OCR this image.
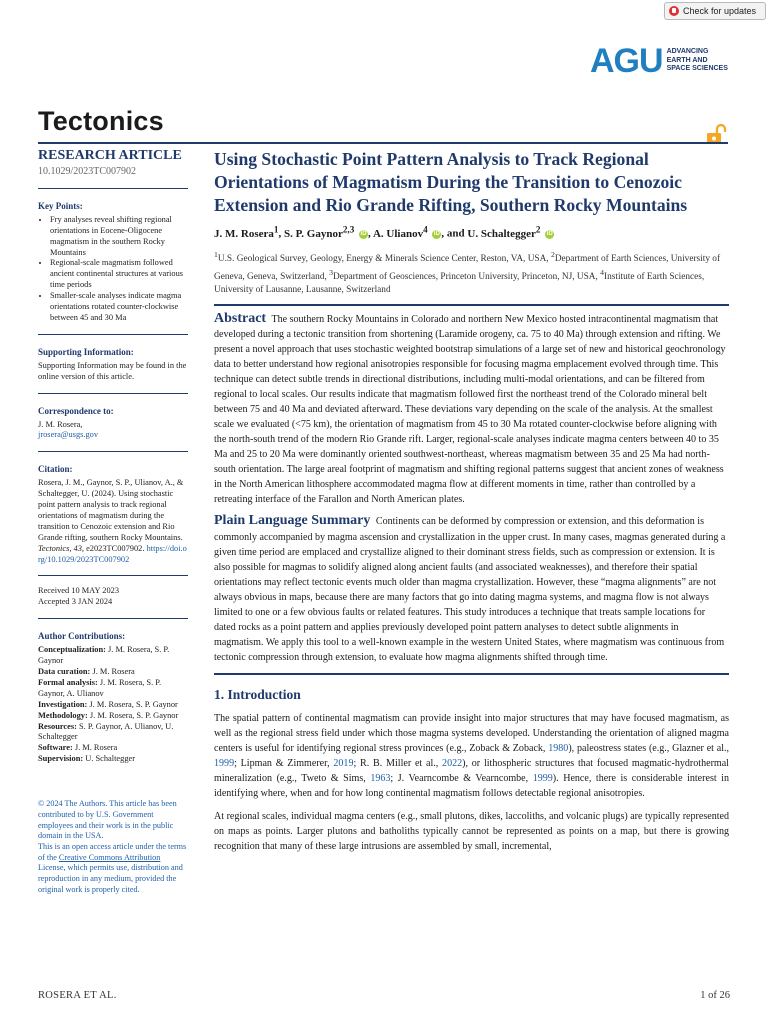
Check for updates
AGU ADVANCING
EARTH AND
SPACE SCIENCES
Tectonics
RESEARCH ARTICLE
10.1029/2023TC007902
Key Points:
• Fry analyses reveal shifting regional orientations in Eocene-Oligocene magmatism in the southern Rocky Mountains
• Regional-scale magmatism followed ancient continental structures at various time periods
• Smaller-scale analyses indicate magma orientations rotated counter-clockwise between 45 and 30 Ma
Supporting Information:

Supporting Information may be found in the online version of this article.

Correspondence to:

J. M. Rosera,

jrosera@usgs.gov

Citation:

Rosera, J. M., Gaynor, S. P., Ulianov, A., & Schaltegger, U. (2024). Using stochastic point pattern analysis to track regional orientations of magmatism during the transition to Cenozoic extension and Rio Grande rifting, southern Rocky Mountains. Tectonics, 43, e2023TC007902. https://doi.org/10.1029/2023TC007902

Received 10 MAY 2023

Accepted 3 JAN 2024

Author Contributions:

Conceptualization: J. M. Rosera, S. P. Gaynor

Data curation: J. M. Rosera

Formal analysis: J. M. Rosera, S. P. Gaynor, A. Ulianov

Investigation: J. M. Rosera, S. P. Gaynor

Methodology: J. M. Rosera, S. P. Gaynor

Resources: S. P. Gaynor, A. Ulianov, U. Schaltegger

Software: J. M. Rosera

Supervision: U. Schaltegger

© 2024 The Authors. This article has been contributed to by U.S. Government employees and their work is in the public domain in the USA.

This is an open access article under the terms of the Creative Commons Attribution License, which permits use, distribution and reproduction in any medium, provided the original work is properly cited.

Using Stochastic Point Pattern Analysis to Track Regional Orientations of Magmatism During the Transition to Cenozoic Extension and Rio Grande Rifting, Southern Rocky Mountains
J. M. Rosera$^1$, S. P. Gaynor$^{2,3}$ iD , A. Ulianov$^4$ iD , and U. Schaltegger$^2$ iD
$^1$U.S. Geological Survey, Geology, Energy & Minerals Science Center, Reston, VA, USA, $^2$Department of Earth Sciences, University of Geneva, Geneva, Switzerland, $^3$Department of Geosciences, Princeton University, Princeton, NJ, USA, $^4$Institute of Earth Sciences, University of Lausanne, Lausanne, Switzerland
Abstract The southern Rocky Mountains in Colorado and northern New Mexico hosted intracontinental magmatism that developed during a tectonic transition from shortening (Laramide orogeny, ca. 75 to 40 Ma) through extension and rifting. We present a novel approach that uses stochastic weighted bootstrap simulations of a large set of new and historical geochronology data to better understand how regional anisotropies responsible for focusing magma emplacement evolved through time. This technique can detect subtle trends in directional distributions, including multi-modal orientations, and can be filtered from regional to local scales. Our results indicate that magmatism followed first the northeast trend of the Colorado mineral belt between 75 and 40 Ma and deviated afterward. These deviations vary depending on the scale of the analysis. At the smallest scale we evaluated (<75 km), the orientation of magmatism from 45 to 30 Ma rotated counter-clockwise before aligning with the north-south trend of the modern Rio Grande rift. Larger, regional-scale analyses indicate magma centers between 40 to 35 Ma and 25 to 20 Ma were dominantly oriented southwest-northeast, whereas magmatism between 35 and 25 Ma had north-south orientation. The large areal footprint of magmatism and shifting regional patterns suggest that ancient zones of weakness in the North American lithosphere accommodated magma flow at different moments in time, rather than controlled by a retreating interface of the Farallon and North American plates.
Plain Language Summary Continents can be deformed by compression or extension, and this deformation is commonly accompanied by magma ascension and crystallization in the upper crust. In many cases, magmas generated during a given time period are emplaced and crystallize aligned to their dominant stress fields, such as compression or extension. It is also possible for magmas to solidify aligned along ancient faults (and associated weaknesses), and therefore their spatial orientations may reflect tectonic events much older than magma crystallization. However, these “magma alignments” are not always obvious in maps, because there are many factors that go into dating magma systems, and magma flow is not always limited to one or a few obvious faults or related features. This study introduces a technique that treats sample locations for dated rocks as a point pattern and applies previously developed point pattern analyses to detect subtle alignments in magmatism. We apply this tool to a well-known example in the western United States, where magmatism was continuous from tectonic compression through extension, to evaluate how magma alignments shifted through time.
1. Introduction

The spatial pattern of continental magmatism can provide insight into major structures that may have focused magmatism, as well as the regional stress field under which those magma systems developed. Understanding the orientation of aligned magma centers is useful for identifying regional stress provinces (e.g., Zoback & Zoback, 1980), paleostress states (e.g., Glazner et al., 1999; Lipman & Zimmerer, 2019; R. B. Miller et al., 2022), or lithospheric structures that focused magmatic-hydrothermal mineralization (e.g., Tweto & Sims, 1963; J. Vearncombe & Vearncombe, 1999). Hence, there is considerable interest in identifying where, when and for how long continental magmatism follows detectable regional anisotropies.

At regional scales, individual magma centers (e.g., small plutons, dikes, laccoliths, and volcanic plugs) are typically represented on maps as points. Larger plutons and batholiths typically cannot be represented as points on a map, but there is growing recognition that many of these large intrusions are assembled by small, incremental,

ROSERA ET AL.	1 of 26
